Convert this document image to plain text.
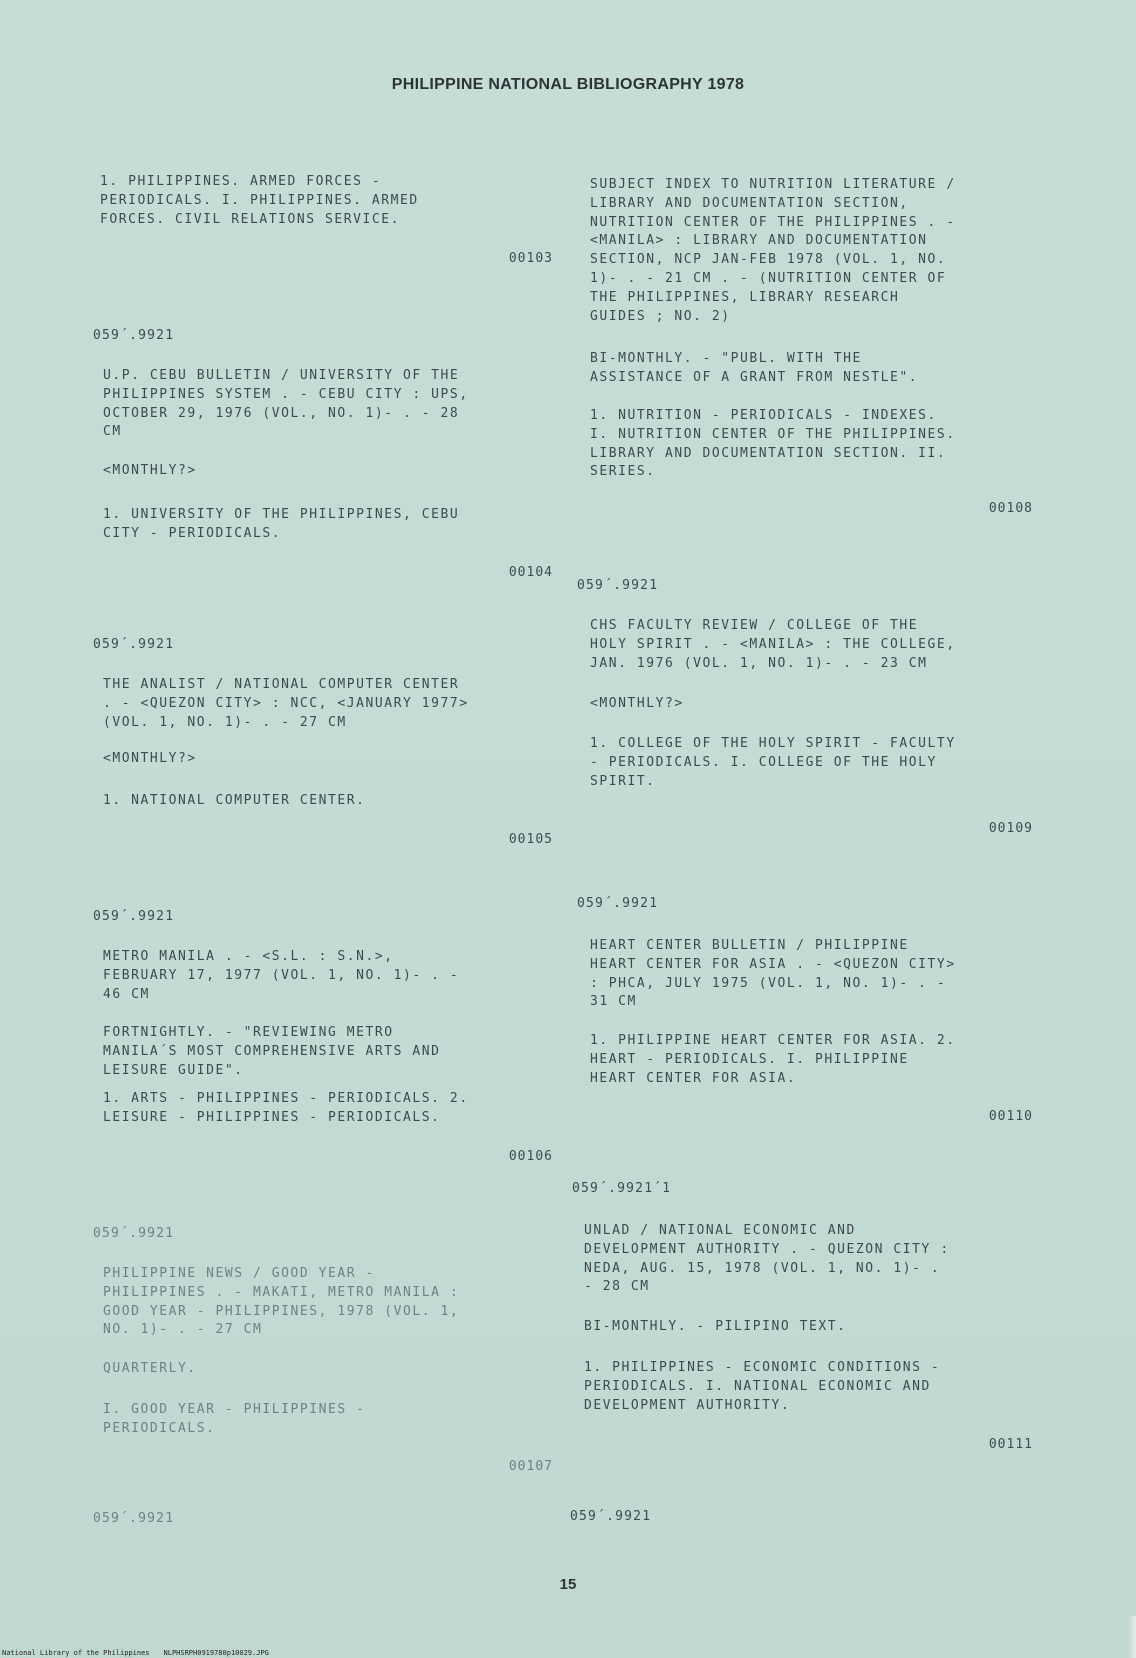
PHILIPPINE NATIONAL BIBLIOGRAPHY 1978
1. PHILIPPINES. ARMED FORCES -
PERIODICALS. I. PHILIPPINES. ARMED
FORCES. CIVIL RELATIONS SERVICE.
00103
059´.9921
U.P. CEBU BULLETIN / UNIVERSITY OF THE
PHILIPPINES SYSTEM . - CEBU CITY : UPS,
OCTOBER 29, 1976 (VOL., NO. 1)- . - 28
CM
<MONTHLY?>
1. UNIVERSITY OF THE PHILIPPINES, CEBU
CITY - PERIODICALS.
00104
059´.9921
THE ANALIST / NATIONAL COMPUTER CENTER
. - <QUEZON CITY> : NCC, <JANUARY 1977>
(VOL. 1, NO. 1)- . - 27 CM
<MONTHLY?>
1. NATIONAL COMPUTER CENTER.
00105
059´.9921
METRO MANILA . - <S.L. : S.N.>,
FEBRUARY 17, 1977 (VOL. 1, NO. 1)- . -
46 CM
FORTNIGHTLY. - "REVIEWING METRO
MANILA´S MOST COMPREHENSIVE ARTS AND
LEISURE GUIDE".
1. ARTS - PHILIPPINES - PERIODICALS. 2.
LEISURE - PHILIPPINES - PERIODICALS.
00106
059´.9921
PHILIPPINE NEWS / GOOD YEAR -
PHILIPPINES . - MAKATI, METRO MANILA :
GOOD YEAR - PHILIPPINES, 1978 (VOL. 1,
NO. 1)- . - 27 CM
QUARTERLY.
I. GOOD YEAR - PHILIPPINES -
PERIODICALS.
00107
059´.9921
SUBJECT INDEX TO NUTRITION LITERATURE /
LIBRARY AND DOCUMENTATION SECTION,
NUTRITION CENTER OF THE PHILIPPINES . -
<MANILA> : LIBRARY AND DOCUMENTATION
SECTION, NCP JAN-FEB 1978 (VOL. 1, NO.
1)- . - 21 CM . - (NUTRITION CENTER OF
THE PHILIPPINES, LIBRARY RESEARCH
GUIDES ; NO. 2)
BI-MONTHLY. - "PUBL. WITH THE
ASSISTANCE OF A GRANT FROM NESTLE".
1. NUTRITION - PERIODICALS - INDEXES.
I. NUTRITION CENTER OF THE PHILIPPINES.
LIBRARY AND DOCUMENTATION SECTION. II.
SERIES.
00108
059´.9921
CHS FACULTY REVIEW / COLLEGE OF THE
HOLY SPIRIT . - <MANILA> : THE COLLEGE,
JAN. 1976 (VOL. 1, NO. 1)- . - 23 CM
<MONTHLY?>
1. COLLEGE OF THE HOLY SPIRIT - FACULTY
- PERIODICALS. I. COLLEGE OF THE HOLY
SPIRIT.
00109
059´.9921
HEART CENTER BULLETIN / PHILIPPINE
HEART CENTER FOR ASIA . - <QUEZON CITY>
: PHCA, JULY 1975 (VOL. 1, NO. 1)- . -
31 CM
1. PHILIPPINE HEART CENTER FOR ASIA. 2.
HEART - PERIODICALS. I. PHILIPPINE
HEART CENTER FOR ASIA.
00110
059´.9921´1
UNLAD / NATIONAL ECONOMIC AND
DEVELOPMENT AUTHORITY . - QUEZON CITY :
NEDA, AUG. 15, 1978 (VOL. 1, NO. 1)- .
- 28 CM
BI-MONTHLY. - PILIPINO TEXT.
1. PHILIPPINES - ECONOMIC CONDITIONS -
PERIODICALS. I. NATIONAL ECONOMIC AND
DEVELOPMENT AUTHORITY.
00111
059´.9921
15
National Library of the Philippines NLPHSRPH0919780p10029.JPG
